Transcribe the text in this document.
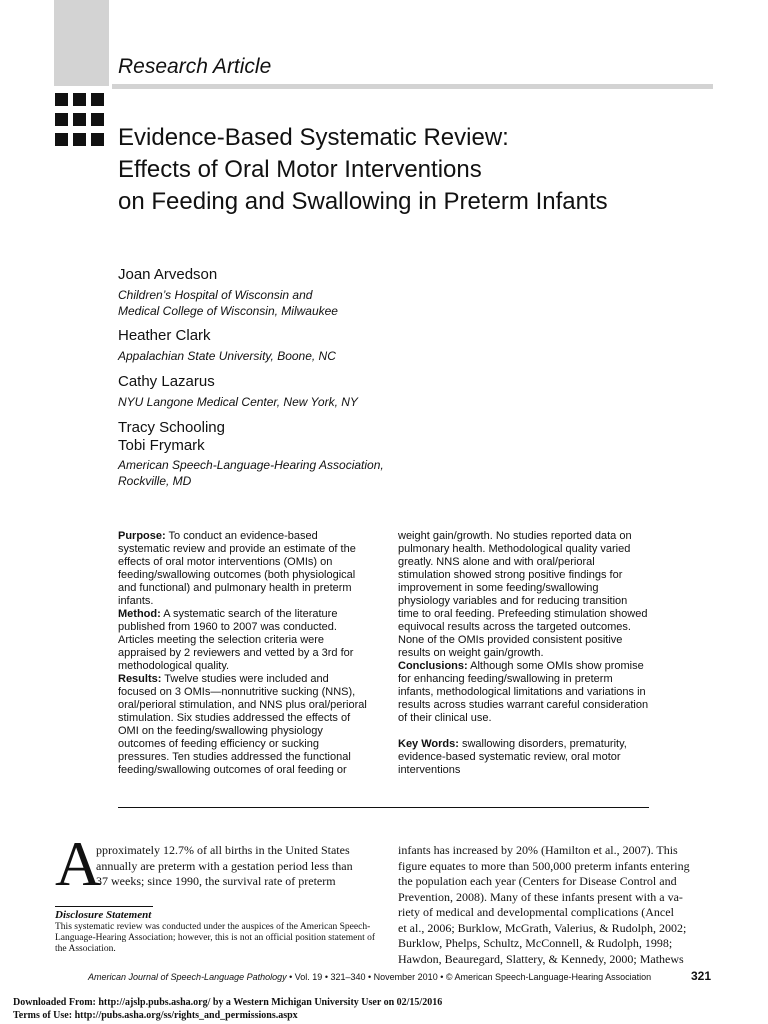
Research Article
Evidence-Based Systematic Review:
Effects of Oral Motor Interventions
on Feeding and Swallowing in Preterm Infants
Joan Arvedson
Children’s Hospital of Wisconsin and
Medical College of Wisconsin, Milwaukee
Heather Clark
Appalachian State University, Boone, NC
Cathy Lazarus
NYU Langone Medical Center, New York, NY
Tracy Schooling
Tobi Frymark
American Speech-Language-Hearing Association,
Rockville, MD

Purpose: To conduct an evidence-based systematic review and provide an estimate of the effects of oral motor interventions (OMIs) on feeding/swallowing outcomes (both physiological and functional) and pulmonary health in preterm infants.

Method: A systematic search of the literature published from 1960 to 2007 was conducted. Articles meeting the selection criteria were appraised by 2 reviewers and vetted by a 3rd for methodological quality.

Results: Twelve studies were included and focused on 3 OMIs—nonnutritive sucking (NNS), oral/perioral stimulation, and NNS plus oral/perioral stimulation. Six studies addressed the effects of OMI on the feeding/swallowing physiology outcomes of feeding efficiency or sucking pressures. Ten studies addressed the functional feeding/swallowing outcomes of oral feeding or

weight gain/growth. No studies reported data on pulmonary health. Methodological quality varied greatly. NNS alone and with oral/perioral stimulation showed strong positive findings for improvement in some feeding/swallowing physiology variables and for reducing transition time to oral feeding. Prefeeding stimulation showed equivocal results across the targeted outcomes. None of the OMIs provided consistent positive results on weight gain/growth.

Conclusions: Although some OMIs show promise for enhancing feeding/swallowing in preterm infants, methodological limitations and variations in results across studies warrant careful consideration of their clinical use.

Key Words: swallowing disorders, prematurity, evidence-based systematic review, oral motor interventions

A
pproximately 12.7% of all births in the United States
annually are preterm with a gestation period less than
37 weeks; since 1990, the survival rate of preterm
infants has increased by 20% (Hamilton et al., 2007). This
figure equates to more than 500,000 preterm infants entering
the population each year (Centers for Disease Control and
Prevention, 2008). Many of these infants present with a va-
riety of medical and developmental complications (Ancel
et al., 2006; Burklow, McGrath, Valerius, & Rudolph, 2002;
Burklow, Phelps, Schultz, McConnell, & Rudolph, 1998;
Hawdon, Beauregard, Slattery, & Kennedy, 2000; Mathews
Disclosure Statement
This systematic review was conducted under the auspices of the American Speech-Language-Hearing Association; however, this is not an official position statement of the Association.
American Journal of Speech-Language Pathology • Vol. 19 • 321–340 • November 2010 • © American Speech-Language-Hearing Association	321
Downloaded From: http://ajslp.pubs.asha.org/ by a Western Michigan University User on 02/15/2016
Terms of Use: http://pubs.asha.org/ss/rights_and_permissions.aspx
